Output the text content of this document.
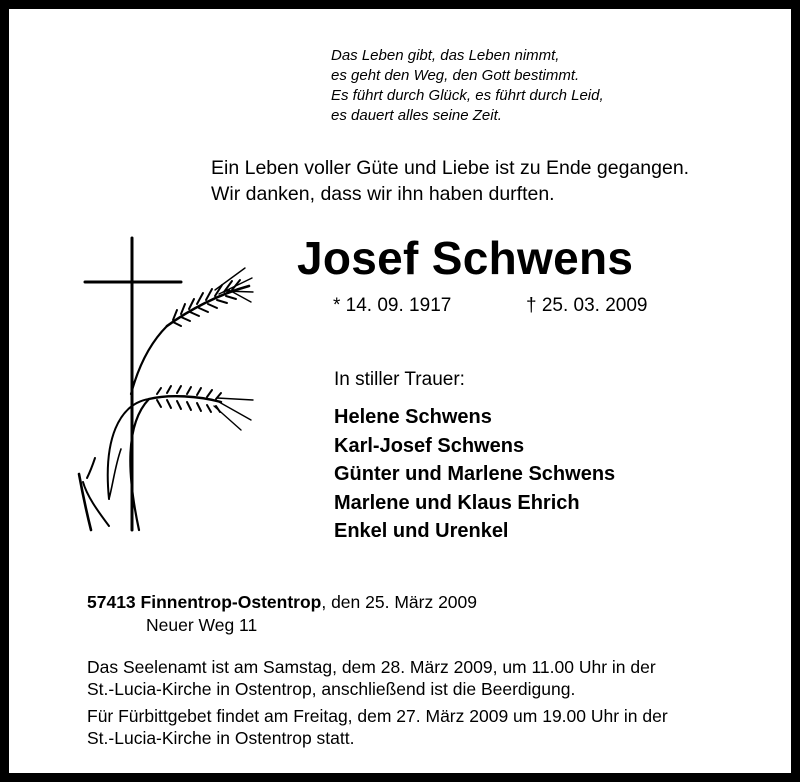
Das Leben gibt, das Leben nimmt,
es geht den Weg, den Gott bestimmt.
Es führt durch Glück, es führt durch Leid,
es dauert alles seine Zeit.
Ein Leben voller Güte und Liebe ist zu Ende gegangen.
Wir danken, dass wir ihn haben durften.
Josef Schwens
* 14. 09. 1917	† 25. 03. 2009
In stiller Trauer:
Helene Schwens
Karl-Josef Schwens
Günter und Marlene Schwens
Marlene und Klaus Ehrich
Enkel und Urenkel
57413 Finnentrop-Ostentrop, den 25. März 2009
Neuer Weg 11
Das Seelenamt ist am Samstag, dem 28. März 2009, um 11.00 Uhr in der
St.-Lucia-Kirche in Ostentrop, anschließend ist die Beerdigung.
Für Fürbittgebet findet am Freitag, dem 27. März 2009 um 19.00 Uhr in der
St.-Lucia-Kirche in Ostentrop statt.
